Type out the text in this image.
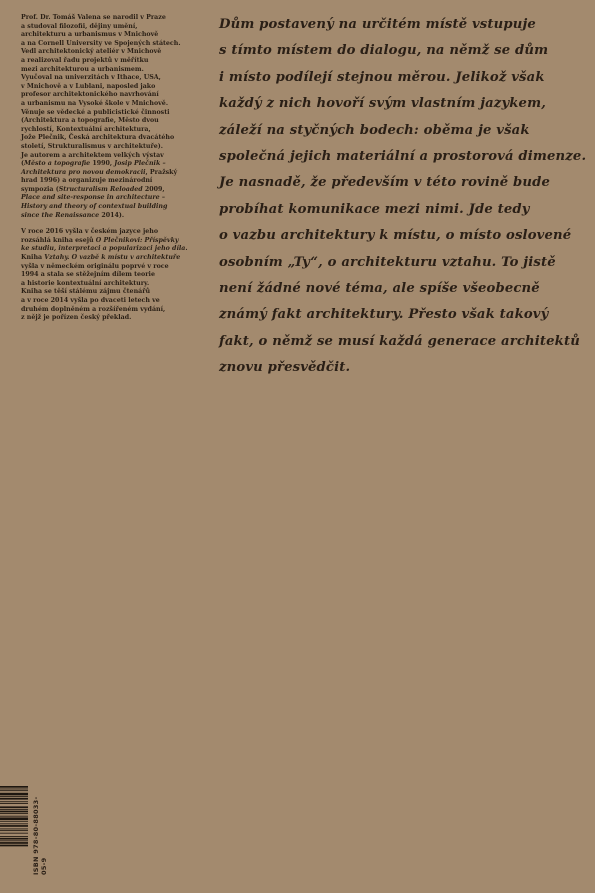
Prof. Dr. Tomáš Valena se narodil v Praze
a studoval filozofii, dějiny umění,
architekturu a urbanismus v Mnichově
a na Cornell University ve Spojených státech.
Vedl architektonický ateliér v Mnichově
a realizoval řadu projektů v měřítku
mezi architekturou a urbanismem.
Vyučoval na univerzitách v Ithace, USA,
v Mnichově a v Lublani, naposled jako
profesor architektonického navrhování
a urbanismu na Vysoké škole v Mnichově.
Věnuje se vědecké a publicistické činnosti
(Architektura a topografie, Město dvou
rychlostí, Kontextuální architektura,
Jože Plečnik, Česká architektura dvacátého
století, Strukturalismus v architektuře).

Je autorem a architektem velkých výstav
(Město a topografie 1990, Josip Plečnik –
Architektura pro novou demokracii, Pražský
hrad 1996) a organizuje mezinárodní
sympozia (Structuralism Reloaded 2009,
Place and site-response in architecture –
History and theory of contextual building
since the Renaissance 2014).

V roce 2016 vyšla v českém jazyce jeho
rozsáhlá kniha esejů O Plečnikovi: Příspěvky
ke studiu, interpretaci a popularizaci jeho díla.
Kniha Vztahy. O vazbě k místu v architektuře
vyšla v německém originálu poprvé v roce
1994 a stala se stěžejním dílem teorie
a historie kontextuální architektury.
Kniha se těší stálému zájmu čtenářů
a v roce 2014 vyšla po dvaceti letech ve
druhém doplněném a rozšířeném vydání,
z nějž je pořízen český překlad.

Dům postavený na určitém místě vstupuje
s tímto místem do dialogu, na němž se dům
i místo podílejí stejnou měrou. Jelikož však
každý z nich hovoří svým vlastním jazykem,
záleží na styčných bodech: oběma je však
společná jejich materiální a prostorová dimenze.
Je nasnadě, že především v této rovině bude
probíhat komunikace mezi nimi. Jde tedy
o vazbu architektury k místu, o místo oslovené
osobním „Ty“, o architekturu vztahu. To jistě
není žádné nové téma, ale spíše všeobecně
známý fakt architektury. Přesto však takový
fakt, o němž se musí každá generace architektů
znovu přesvědčit.
ISBN 978-80-88033-05-9
